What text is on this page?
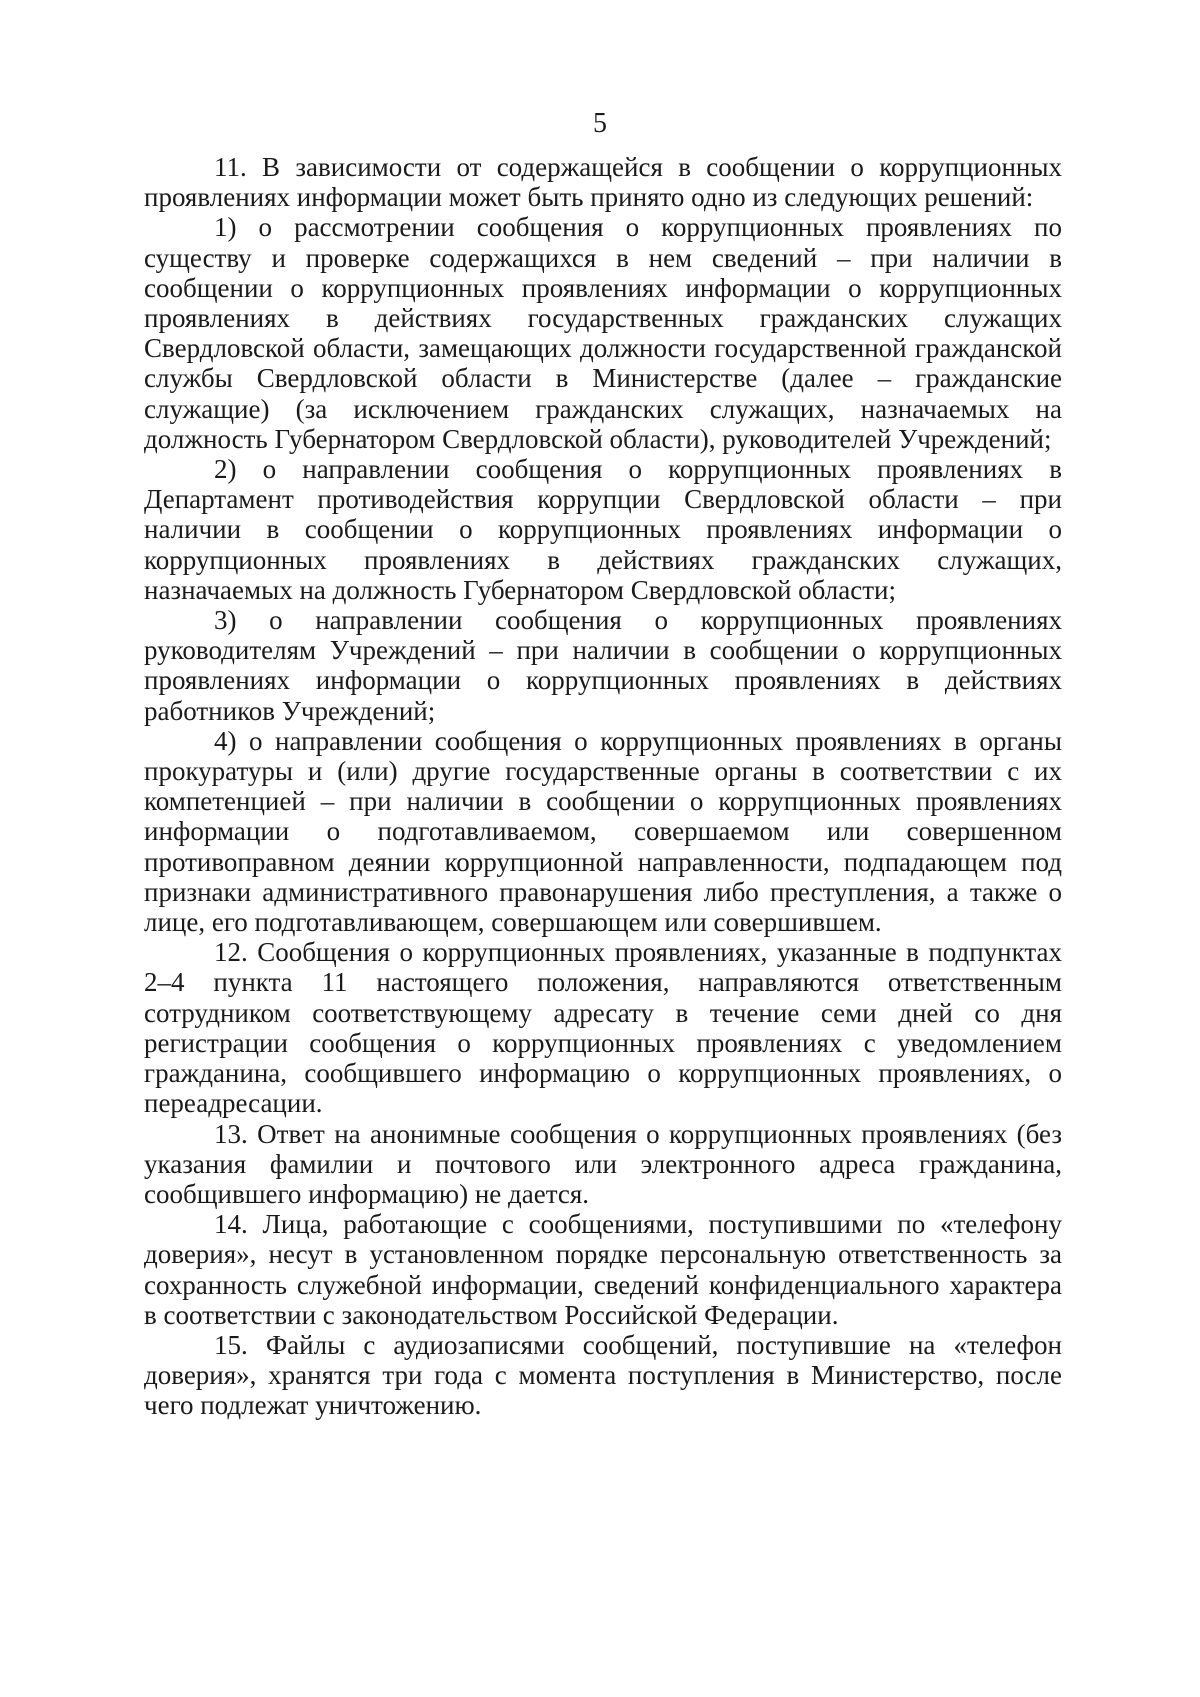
5

11. В зависимости от содержащейся в сообщении о коррупционных проявлениях информации может быть принято одно из следующих решений:

1) о рассмотрении сообщения о коррупционных проявлениях по существу и проверке содержащихся в нем сведений – при наличии в сообщении о коррупционных проявлениях информации о коррупционных проявлениях в действиях государственных гражданских служащих Свердловской области, замещающих должности государственной гражданской службы Свердловской области в Министерстве (далее – гражданские служащие) (за исключением гражданских служащих, назначаемых на должность Губернатором Свердловской области), руководителей Учреждений;

2) о направлении сообщения о коррупционных проявлениях в Департамент противодействия коррупции Свердловской области – при наличии в сообщении о коррупционных проявлениях информации о коррупционных проявлениях в действиях гражданских служащих, назначаемых на должность Губернатором Свердловской области;

3) о направлении сообщения о коррупционных проявлениях руководителям Учреждений – при наличии в сообщении о коррупционных проявлениях информации о коррупционных проявлениях в действиях работников Учреждений;

4) о направлении сообщения о коррупционных проявлениях в органы прокуратуры и (или) другие государственные органы в соответствии с их компетенцией – при наличии в сообщении о коррупционных проявлениях информации о подготавливаемом, совершаемом или совершенном противоправном деянии коррупционной направленности, подпадающем под признаки административного правонарушения либо преступления, а также о лице, его подготавливающем, совершающем или совершившем.

12. Сообщения о коррупционных проявлениях, указанные в подпунктах 2–4 пункта 11 настоящего положения, направляются ответственным сотрудником соответствующему адресату в течение семи дней со дня регистрации сообщения о коррупционных проявлениях с уведомлением гражданина, сообщившего информацию о коррупционных проявлениях, о переадресации.

13. Ответ на анонимные сообщения о коррупционных проявлениях (без указания фамилии и почтового или электронного адреса гражданина, сообщившего информацию) не дается.

14. Лица, работающие с сообщениями, поступившими по «телефону доверия», несут в установленном порядке персональную ответственность за сохранность служебной информации, сведений конфиденциального характера в соответствии с законодательством Российской Федерации.

15. Файлы с аудиозаписями сообщений, поступившие на «телефон доверия», хранятся три года с момента поступления в Министерство, после чего подлежат уничтожению.
